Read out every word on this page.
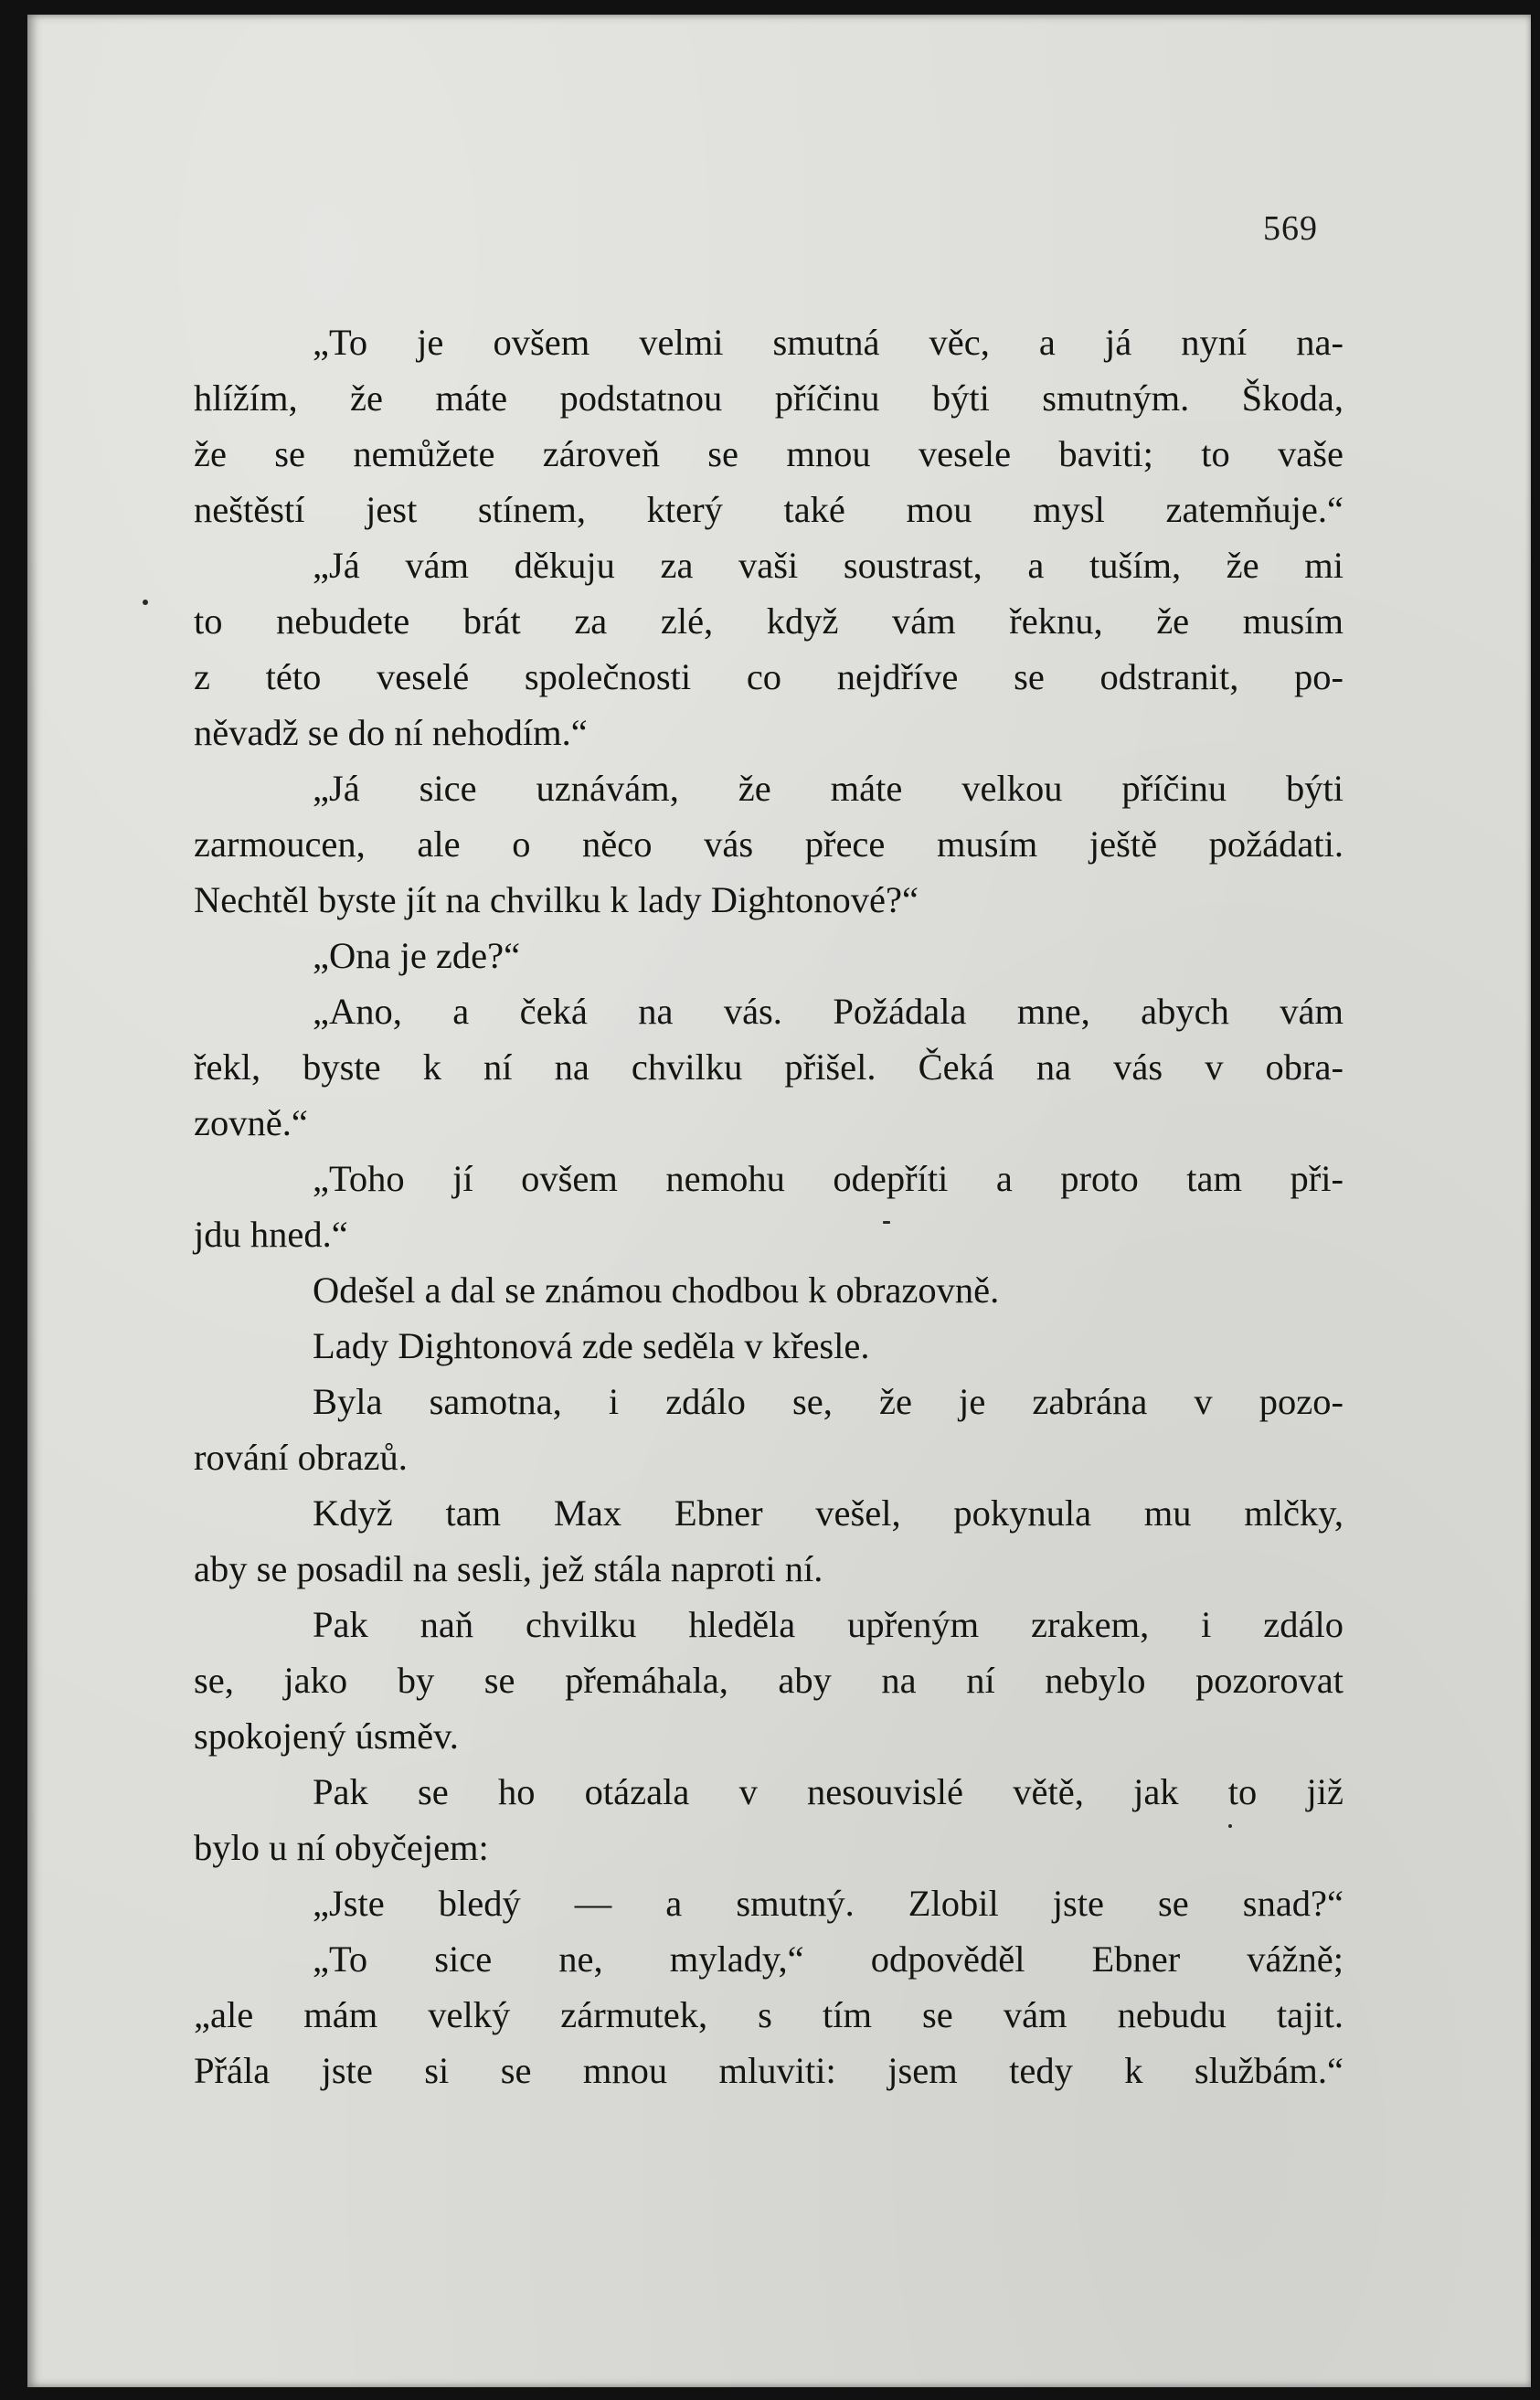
569
„To je ovšem velmi smutná věc, a já nyní na-
hlížím, že máte podstatnou příčinu býti smutným. Škoda,
že se nemůžete zároveň se mnou vesele baviti; to vaše
neštěstí jest stínem, který také mou mysl zatemňuje.“
„Já vám děkuju za vaši soustrast, a tuším, že mi
to nebudete brát za zlé, když vám řeknu, že musím
z této veselé společnosti co nejdříve se odstranit, po-
něvadž se do ní nehodím.“
„Já sice uznávám, že máte velkou příčinu býti
zarmoucen, ale o něco vás přece musím ještě požádati.
Nechtěl byste jít na chvilku k lady Dightonové?“
„Ona je zde?“
„Ano, a čeká na vás. Požádala mne, abych vám
řekl, byste k ní na chvilku přišel. Čeká na vás v obra-
zovně.“
„Toho jí ovšem nemohu odepříti a proto tam při-
jdu hned.“
Odešel a dal se známou chodbou k obrazovně.
Lady Dightonová zde seděla v křesle.
Byla samotna, i zdálo se, že je zabrána v pozo-
rování obrazů.
Když tam Max Ebner vešel, pokynula mu mlčky,
aby se posadil na sesli, jež stála naproti ní.
Pak naň chvilku hleděla upřeným zrakem, i zdálo
se, jako by se přemáhala, aby na ní nebylo pozorovat
spokojený úsměv.
Pak se ho otázala v nesouvislé větě, jak to již
bylo u ní obyčejem:
„Jste bledý — a smutný. Zlobil jste se snad?“
„To sice ne, mylady,“ odpověděl Ebner vážně;
„ale mám velký zármutek, s tím se vám nebudu tajit.
Přála jste si se mnou mluviti: jsem tedy k službám.“
